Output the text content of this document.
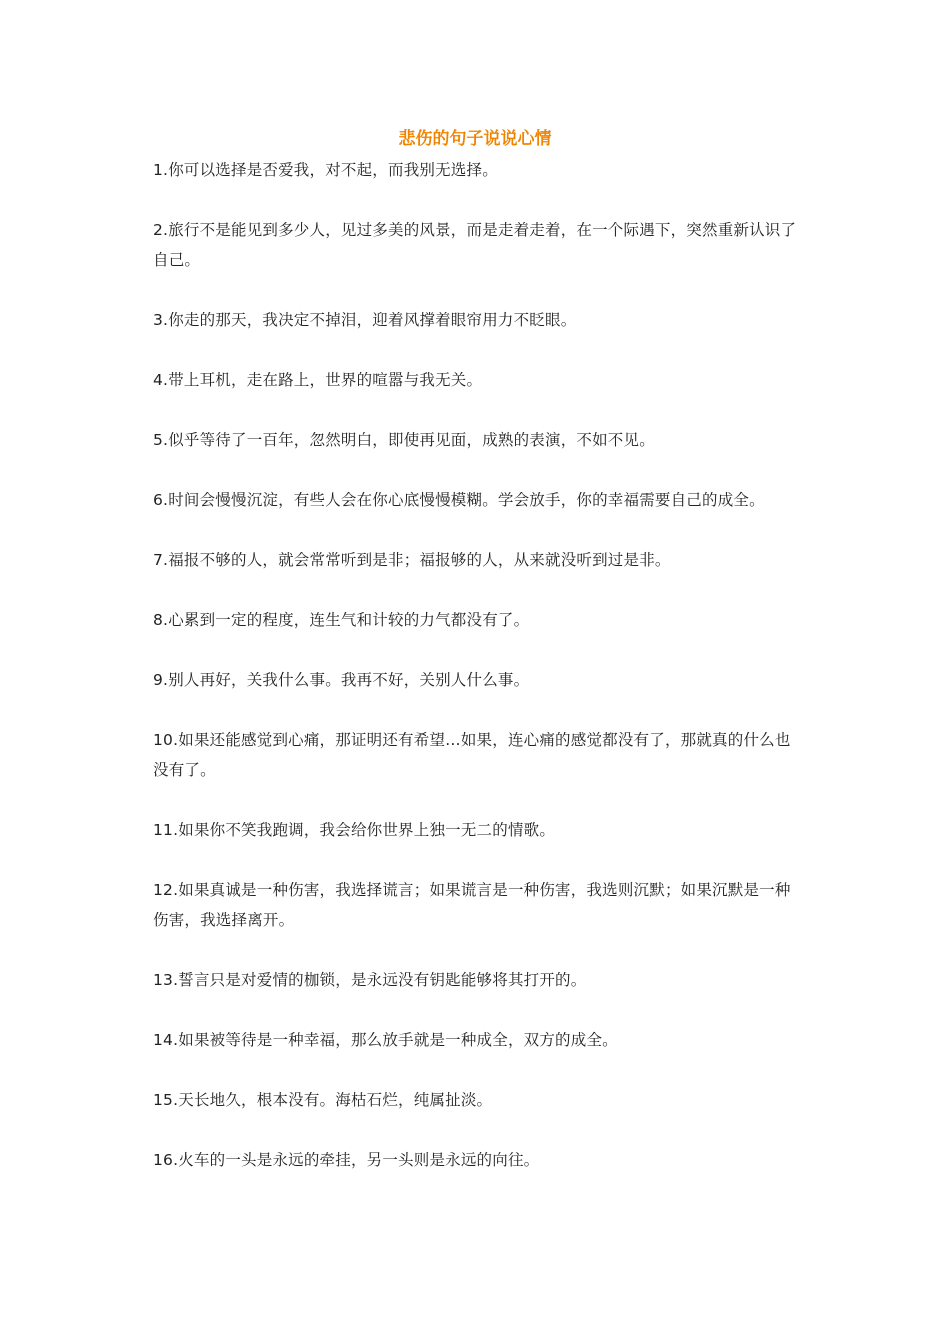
悲伤的句子说说心情

1.你可以选择是否爱我，对不起，而我别无选择。

2.旅行不是能见到多少人，见过多美的风景，而是走着走着，在一个际遇下，突然重新认识了自己。

3.你走的那天，我决定不掉泪，迎着风撑着眼帘用力不眨眼。

4.带上耳机，走在路上，世界的喧嚣与我无关。

5.似乎等待了一百年，忽然明白，即使再见面，成熟的表演，不如不见。

6.时间会慢慢沉淀，有些人会在你心底慢慢模糊。学会放手，你的幸福需要自己的成全。

7.福报不够的人，就会常常听到是非；福报够的人，从来就没听到过是非。

8.心累到一定的程度，连生气和计较的力气都没有了。

9.别人再好，关我什么事。我再不好，关别人什么事。

10.如果还能感觉到心痛，那证明还有希望…如果，连心痛的感觉都没有了，那就真的什么也没有了。

11.如果你不笑我跑调，我会给你世界上独一无二的情歌。

12.如果真诚是一种伤害，我选择谎言；如果谎言是一种伤害，我选则沉默；如果沉默是一种伤害，我选择离开。

13.誓言只是对爱情的枷锁，是永远没有钥匙能够将其打开的。

14.如果被等待是一种幸福，那么放手就是一种成全，双方的成全。

15.天长地久，根本没有。海枯石烂，纯属扯淡。

16.火车的一头是永远的牵挂，另一头则是永远的向往。
